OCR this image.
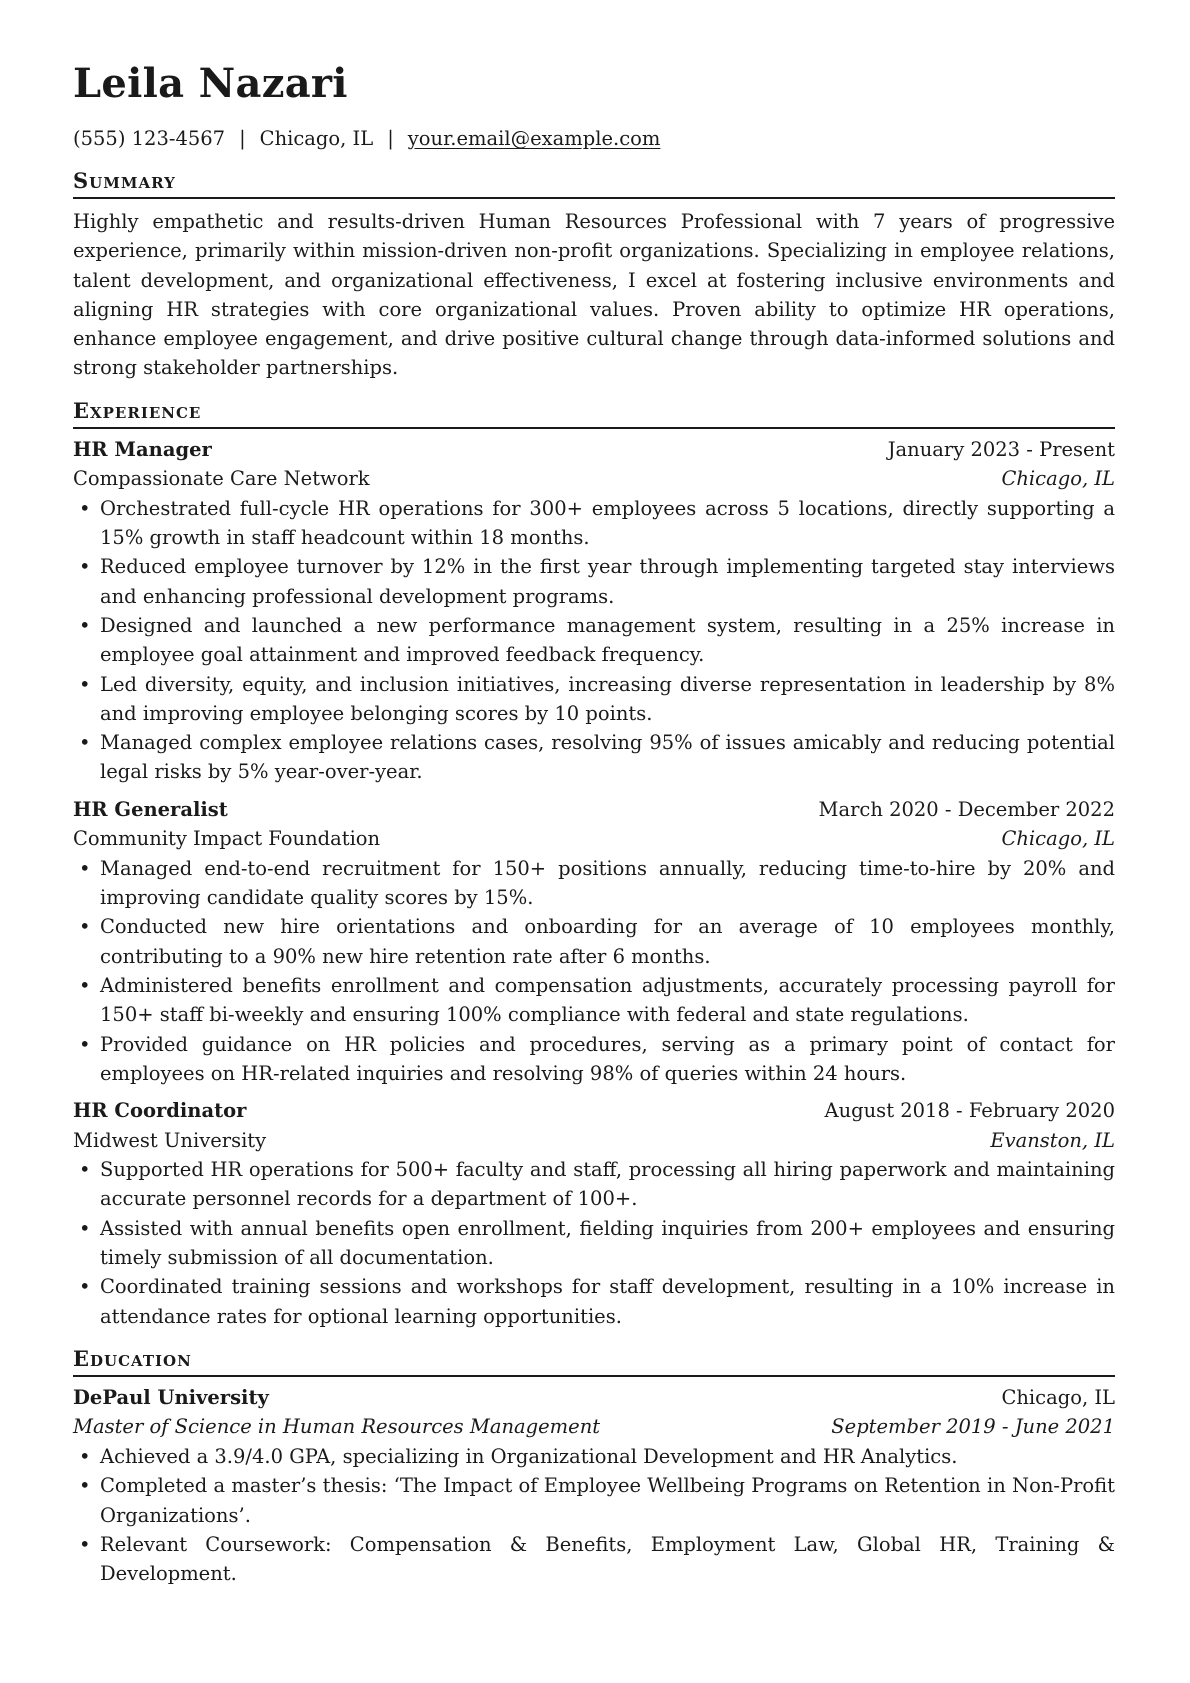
Leila Nazari
(555) 123-4567 | Chicago, IL | your.email@example.com
Summary

Highly empathetic and results-driven Human Resources Professional with 7 years of progressive experience, primarily within mission-driven non-profit organizations. Specializing in employee relations, talent development, and organizational effectiveness, I excel at fostering inclusive environments and aligning HR strategies with core organizational values. Proven ability to optimize HR operations, enhance employee engagement, and drive positive cultural change through data-informed solutions and strong stakeholder partnerships.

Experience
HR Manager	January 2023 - Present
Compassionate Care Network	Chicago, IL
• Orchestrated full-cycle HR operations for 300+ employees across 5 locations, directly supporting a 15% growth in staff headcount within 18 months.
• Reduced employee turnover by 12% in the first year through implementing targeted stay interviews and enhancing professional development programs.
• Designed and launched a new performance management system, resulting in a 25% increase in employee goal attainment and improved feedback frequency.
• Led diversity, equity, and inclusion initiatives, increasing diverse representation in leadership by 8% and improving employee belonging scores by 10 points.
• Managed complex employee relations cases, resolving 95% of issues amicably and reducing potential legal risks by 5% year-over-year.
HR Generalist	March 2020 - December 2022
Community Impact Foundation	Chicago, IL
• Managed end-to-end recruitment for 150+ positions annually, reducing time-to-hire by 20% and improving candidate quality scores by 15%.
• Conducted new hire orientations and onboarding for an average of 10 employees monthly, contributing to a 90% new hire retention rate after 6 months.
• Administered benefits enrollment and compensation adjustments, accurately processing payroll for 150+ staff bi-weekly and ensuring 100% compliance with federal and state regulations.
• Provided guidance on HR policies and procedures, serving as a primary point of contact for employees on HR-related inquiries and resolving 98% of queries within 24 hours.
HR Coordinator	August 2018 - February 2020
Midwest University	Evanston, IL
• Supported HR operations for 500+ faculty and staff, processing all hiring paperwork and maintaining accurate personnel records for a department of 100+.
• Assisted with annual benefits open enrollment, fielding inquiries from 200+ employees and ensuring timely submission of all documentation.
• Coordinated training sessions and workshops for staff development, resulting in a 10% increase in attendance rates for optional learning opportunities.
Education
DePaul University	Chicago, IL
Master of Science in Human Resources Management	September 2019 - June 2021
• Achieved a 3.9/4.0 GPA, specializing in Organizational Development and HR Analytics.
• Completed a master’s thesis: ‘The Impact of Employee Wellbeing Programs on Retention in Non-Profit Organizations’.
• Relevant Coursework: Compensation & Benefits, Employment Law, Global HR, Training & Development.
